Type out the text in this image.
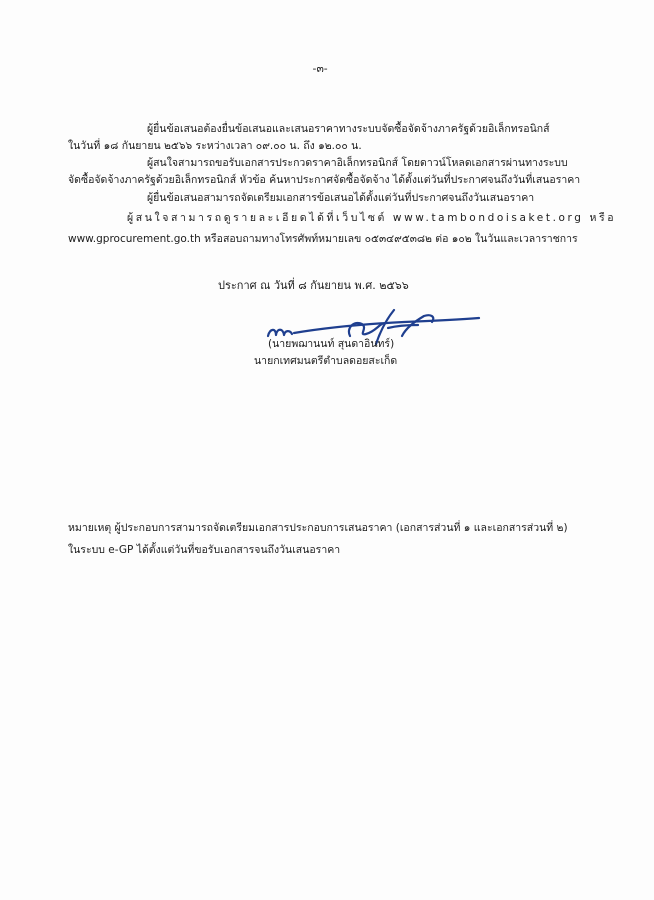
-๓-
ผู้ยื่นข้อเสนอต้องยื่นข้อเสนอและเสนอราคาทางระบบจัดซื้อจัดจ้างภาครัฐด้วยอิเล็กทรอนิกส์
ในวันที่ ๑๘ กันยายน ๒๕๖๖ ระหว่างเวลา ๐๙.๐๐ น. ถึง ๑๒.๐๐ น.
ผู้สนใจสามารถขอรับเอกสารประกวดราคาอิเล็กทรอนิกส์ โดยดาวน์โหลดเอกสารผ่านทางระบบ
จัดซื้อจัดจ้างภาครัฐด้วยอิเล็กทรอนิกส์ หัวข้อ ค้นหาประกาศจัดซื้อจัดจ้าง ได้ตั้งแต่วันที่ประกาศจนถึงวันที่เสนอราคา
ผู้ยื่นข้อเสนอสามารถจัดเตรียมเอกสารข้อเสนอได้ตั้งแต่วันที่ประกาศจนถึงวันเสนอราคา
ผู้สนใจสามารถดูรายละเอียดได้ที่เว็บไซต์ www.tambondoisaket.org หรือ
www.gprocurement.go.th หรือสอบถามทางโทรศัพท์หมายเลข ๐๕๓๔๙๕๓๘๒ ต่อ ๑๐๒ ในวันและเวลาราชการ
ประกาศ ณ วันที่ ๘ กันยายน พ.ศ. ๒๕๖๖
(นายพฌานนท์ สุนดาอินทร์)
นายกเทศมนตรีตำบลดอยสะเก็ด
หมายเหตุ ผู้ประกอบการสามารถจัดเตรียมเอกสารประกอบการเสนอราคา (เอกสารส่วนที่ ๑ และเอกสารส่วนที่ ๒)
ในระบบ e-GP ได้ตั้งแต่วันที่ขอรับเอกสารจนถึงวันเสนอราคา
